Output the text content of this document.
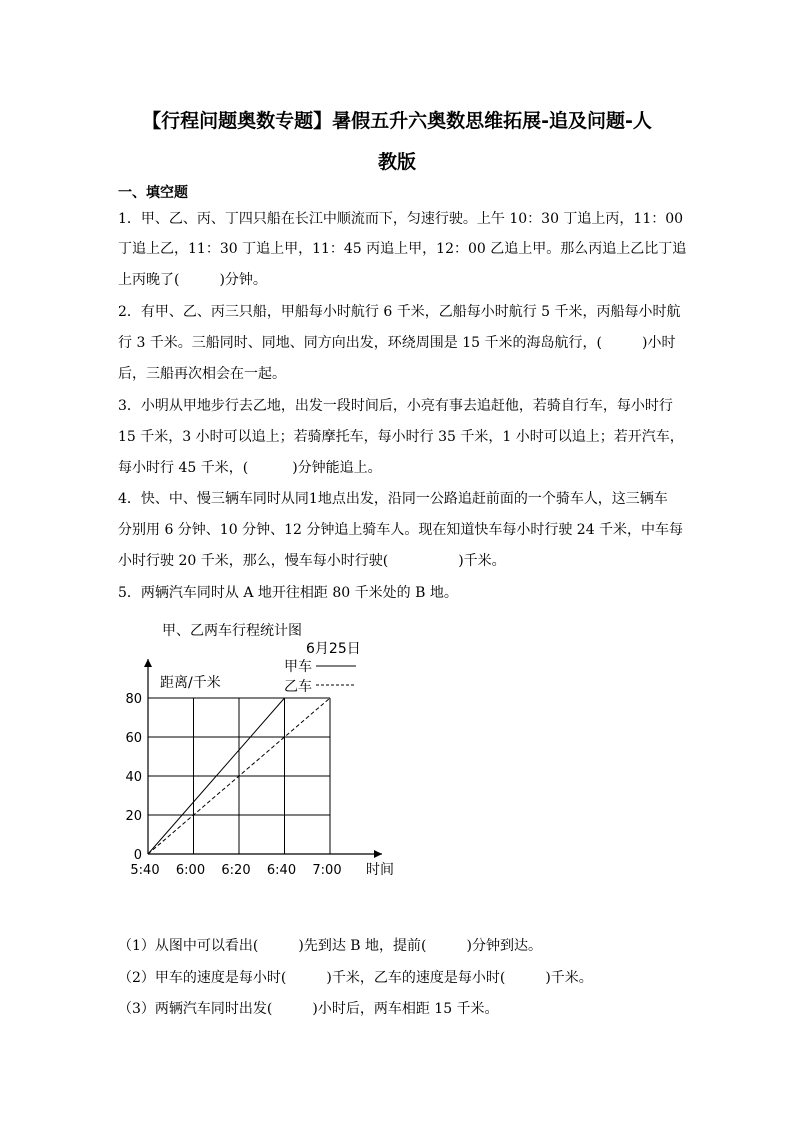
【行程问题奥数专题】暑假五升六奥数思维拓展-追及问题-人
教版
一、填空题
1．甲、乙、丙、丁四只船在长江中顺流而下，匀速行驶。上午 10：30 丁追上丙，11：00
丁追上乙，11：30 丁追上甲，11：45 丙追上甲，12：00 乙追上甲。那么丙追上乙比丁追
上丙晚了(	)分钟。
2．有甲、乙、丙三只船，甲船每小时航行 6 千米，乙船每小时航行 5 千米，丙船每小时航
行 3 千米。三船同时、同地、同方向出发，环绕周围是 15 千米的海岛航行，(	)小时
后，三船再次相会在一起。
3．小明从甲地步行去乙地，出发一段时间后，小亮有事去追赶他，若骑自行车，每小时行
15 千米，3 小时可以追上；若骑摩托车，每小时行 35 千米，1 小时可以追上；若开汽车，
每小时行 45 千米，(	)分钟能追上。
4．快、中、慢三辆车同时从同1地点出发，沿同一公路追赶前面的一个骑车人，这三辆车
分别用 6 分钟、10 分钟、12 分钟追上骑车人。现在知道快车每小时行驶 24 千米，中车每
小时行驶 20 千米，那么，慢车每小时行驶(	)千米。
5．两辆汽车同时从 A 地开往相距 80 千米处的 B 地。
甲、乙两车行程统计图
6月25日
甲车
乙车
距离/千米
时间
0
20
40
60
80
5:40 6:00 6:20 6:40 7:00
（1）从图中可以看出(	)先到达 B 地，提前(	)分钟到达。
（2）甲车的速度是每小时(	)千米，乙车的速度是每小时(	)千米。
（3）两辆汽车同时出发(	)小时后，两车相距 15 千米。
